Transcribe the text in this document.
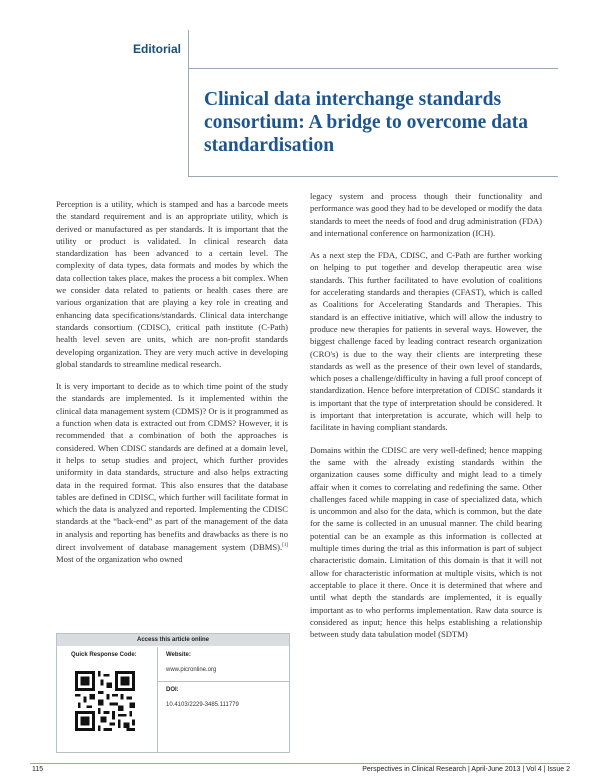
Editorial
Clinical data interchange standards consortium: A bridge to overcome data standardisation

Perception is a utility, which is stamped and has a barcode meets the standard requirement and is an appropriate utility, which is derived or manufactured as per standards. It is important that the utility or product is validated. In clinical research data standardization has been advanced to a certain level. The complexity of data types, data formats and modes by which the data collection takes place, makes the process a bit complex. When we consider data related to patients or health cases there are various organization that are playing a key role in creating and enhancing data specifications/standards. Clinical data interchange standards consortium (CDISC), critical path institute (C-Path) health level seven are units, which are non-profit standards developing organization. They are very much active in developing global standards to streamline medical research.

It is very important to decide as to which time point of the study the standards are implemented. Is it implemented within the clinical data management system (CDMS)? Or is it programmed as a function when data is extracted out from CDMS? However, it is recommended that a combination of both the approaches is considered. When CDISC standards are defined at a domain level, it helps to setup studies and project, which further provides uniformity in data standards, structure and also helps extracting data in the required format. This also ensures that the database tables are defined in CDISC, which further will facilitate format in which the data is analyzed and reported. Implementing the CDISC standards at the “back-end” as part of the management of the data in analysis and reporting has benefits and drawbacks as there is no direct involvement of database management system (DBMS).[1] Most of the organization who owned

legacy system and process though their functionality and performance was good they had to be developed or modify the data standards to meet the needs of food and drug administration (FDA) and international conference on harmonization (ICH).

As a next step the FDA, CDISC, and C-Path are further working on helping to put together and develop therapeutic area wise standards. This further facilitated to have evolution of coalitions for accelerating standards and therapies (CFAST), which is called as Coalitions for Accelerating Standards and Therapies. This standard is an effective initiative, which will allow the industry to produce new therapies for patients in several ways. However, the biggest challenge faced by leading contract research organization (CRO's) is due to the way their clients are interpreting these standards as well as the presence of their own level of standards, which poses a challenge/difficulty in having a full proof concept of standardization. Hence before interpretation of CDISC standards it is important that the type of interpretation should be considered. It is important that interpretation is accurate, which will help to facilitate in having compliant standards.

Domains within the CDISC are very well-defined; hence mapping the same with the already existing standards within the organization causes some difficulty and might lead to a timely affair when it comes to correlating and redefining the same. Other challenges faced while mapping in case of specialized data, which is uncommon and also for the data, which is common, but the date for the same is collected in an unusual manner. The child bearing potential can be an example as this information is collected at multiple times during the trial as this information is part of subject characteristic domain. Limitation of this domain is that it will not allow for characteristic information at multiple visits, which is not acceptable to place it there. Once it is determined that where and until what depth the standards are implemented, it is equally important as to who performs implementation. Raw data source is considered as input; hence this helps establishing a relationship between study data tabulation model (SDTM)

Access this article online
Quick Response Code:	Website:
www.picronline.org
DOI:
10.4103/2229-3485.111779
115	Perspectives in Clinical Research | April-June 2013 | Vol 4 | Issue 2
